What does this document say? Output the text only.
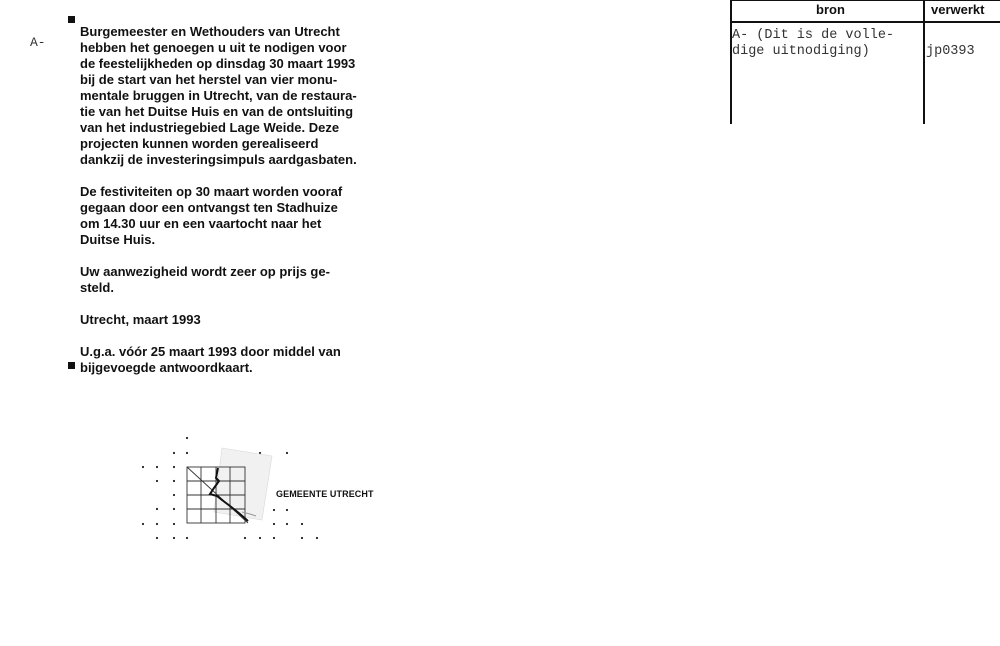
A-

Burgemeester en Wethouders van Utrecht
hebben het genoegen u uit te nodigen voor
de feestelijkheden op dinsdag 30 maart 1993
bij de start van het herstel van vier monu-
mentale bruggen in Utrecht, van de restaura-
tie van het Duitse Huis en van de ontsluiting
van het industriegebied Lage Weide. Deze
projecten kunnen worden gerealiseerd
dankzij de investeringsimpuls aardgasbaten.

De festiviteiten op 30 maart worden vooraf
gegaan door een ontvangst ten Stadhuize
om 14.30 uur en een vaartocht naar het
Duitse Huis.

Uw aanwezigheid wordt zeer op prijs ge-
steld.

Utrecht, maart 1993

U.g.a. vóór 25 maart 1993 door middel van
bijgevoegde antwoordkaart.

bron	verwerkt
A- (Dit is de volle-
dige uitnodiging)	jp0393
GEMEENTE UTRECHT
